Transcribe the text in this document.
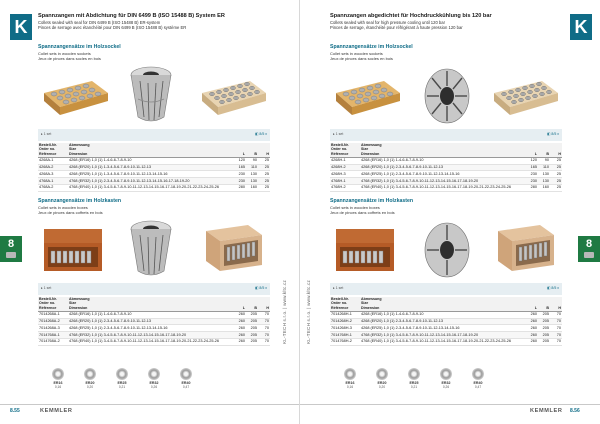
K
Spannzangen mit Abdichtung für DIN 6499 B (ISO 15488 B) System ER
Collets sealed with seal for DIN 6499 B (ISO 15488 B) ER-system
Pinces de serrage avec étanchéité pour DIN 6499 B (ISO 15488 B) système ER
Spannzangensätze im Holzsockel
Collet sets in wooden sockets
Jeux de pinces dans socles en bois
▸ 1 set	◧ 8/5 x
Bestell-Nr.
Order no.
Référence	Abmessung
Size
Dimension	L	B	H
4268A-1	4268 (ER16) 1,0 (1) 1-4-6-6-7-8-9-10	120	90	25
4268A-2	4268 (ER20) 1,0 (1) 1-3-4-5-6-7-8-9-10-11-12-13	165	110	25
4268A-3	4268 (ER25) 1,0 (1) 1-3-4-5-6-7-8-9-10-11-12-13-14-15-16	230	130	25
4768A-1	4768 (ER32) 1,0 (1) 2-3-4-5-6-7-8-9-10-11-12-13-14-15-16-17-18-19-20	230	130	25
4768A-2	4768 (ER40) 1,0 (1) 3-4-5-6-7-8-9-10-11-12-13-14-15-16-17-18-19-20-21-22-23-24-25-26	280	160	25
Spannzangensätze im Holzkasten
Collet sets in wooden boxes
Jeux de pinces dans coffrets en bois
▸ 1 set	◧ 8/5 x
Bestell-Nr.
Order no.
Référence	Abmessung
Size
Dimension	L	B	H
7014268A-1	4268 (ER16) 1,0 (1) 1-4-6-6-7-8-9-10	260	205	70
7014268A-2	4268 (ER20) 1,0 (1) 2-3-4-5-6-7-8-9-10-11-12-13	260	205	70
7014268A-3	4268 (ER25) 1,0 (1) 2-3-4-5-6-7-8-9-10-11-12-13-14-15-16	260	205	70
7014768A-1	4768 (ER32) 1,0 (1) 3-4-5-6-7-8-9-10-11-12-13-14-15-16-17-18-19-20	260	205	70
7014768A-2	4768 (ER40) 1,0 (1) 3-4-5-6-7-8-9-10-11-12-13-14-15-16-17-18-19-20-21-22-23-24-25-26	260	205	70
8
KL-TECH s.r.o. | www.kltc.cz
ER16
0,16
ER20
0,20
ER25
0,21
ER32
0,26
ER40
0,47
8.55	KEMMLER
K
Spannzangen abgedichtet für Hochdruckkühlung bis 120 bar
Collets sealed with seal for high pressure cooling until 120 bar
Pinces de serrage, étanchéité pour réfrigérant à haute pression 120 bar
Spannzangensätze im Holzsockel
Collet sets in wooden sockets
Jeux de pinces dans socles en bois
▸ 1 set	◧ 8/5 x
Bestell-Nr.
Order no.
Référence	Abmessung
Size
Dimension	L	B	H
4268H-1	4268 (ER16) 1,0 (1) 1-4-6-6-7-8-9-10	120	90	25
4268H-2	4268 (ER20) 1,0 (1) 2-3-4-5-6-7-8-9-10-11-12-13	165	110	25
4268H-3	4268 (ER25) 1,0 (1) 2-3-4-5-6-7-8-9-10-11-12-13-14-15-16	230	130	25
4768H-1	4768 (ER32) 1,0 (1) 3-4-5-6-7-8-9-10-11-12-13-14-15-16-17-18-19-20	230	130	25
4768H-2	4768 (ER40) 1,0 (1) 3-4-5-6-7-8-9-10-11-12-13-14-15-16-17-18-19-20-21-22-23-24-25-26	280	160	25
Spannzangensätze im Holzkasten
Collet sets in wooden boxes
Jeux de pinces dans coffrets en bois
▸ 1 set	◧ 8/5 x
Bestell-Nr.
Order no.
Référence	Abmessung
Size
Dimension	L	B	H
7014268H-1	4268 (ER16) 1,0 (1) 1-4-6-6-7-8-9-10	260	205	70
7014268H-2	4268 (ER20) 1,0 (1) 2-3-4-5-6-7-8-9-10-11-12-13	260	205	70
7014268H-3	4268 (ER25) 1,0 (1) 2-3-4-5-6-7-8-9-10-11-12-13-14-15-16	260	205	70
7014768H-1	4768 (ER32) 1,0 (1) 3-4-5-6-7-8-9-10-11-12-13-14-15-16-17-18-19-20	260	205	70
7014768H-2	4768 (ER40) 1,0 (1) 3-4-5-6-7-8-9-10-11-12-13-14-15-16-17-18-19-20-21-22-23-24-25-26	260	205	70
8
KL-TECH s.r.o. | www.kltc.cz
ER16
0,16
ER20
0,20
ER25
0,21
ER32
0,26
ER40
0,47
KEMMLER 8.56
